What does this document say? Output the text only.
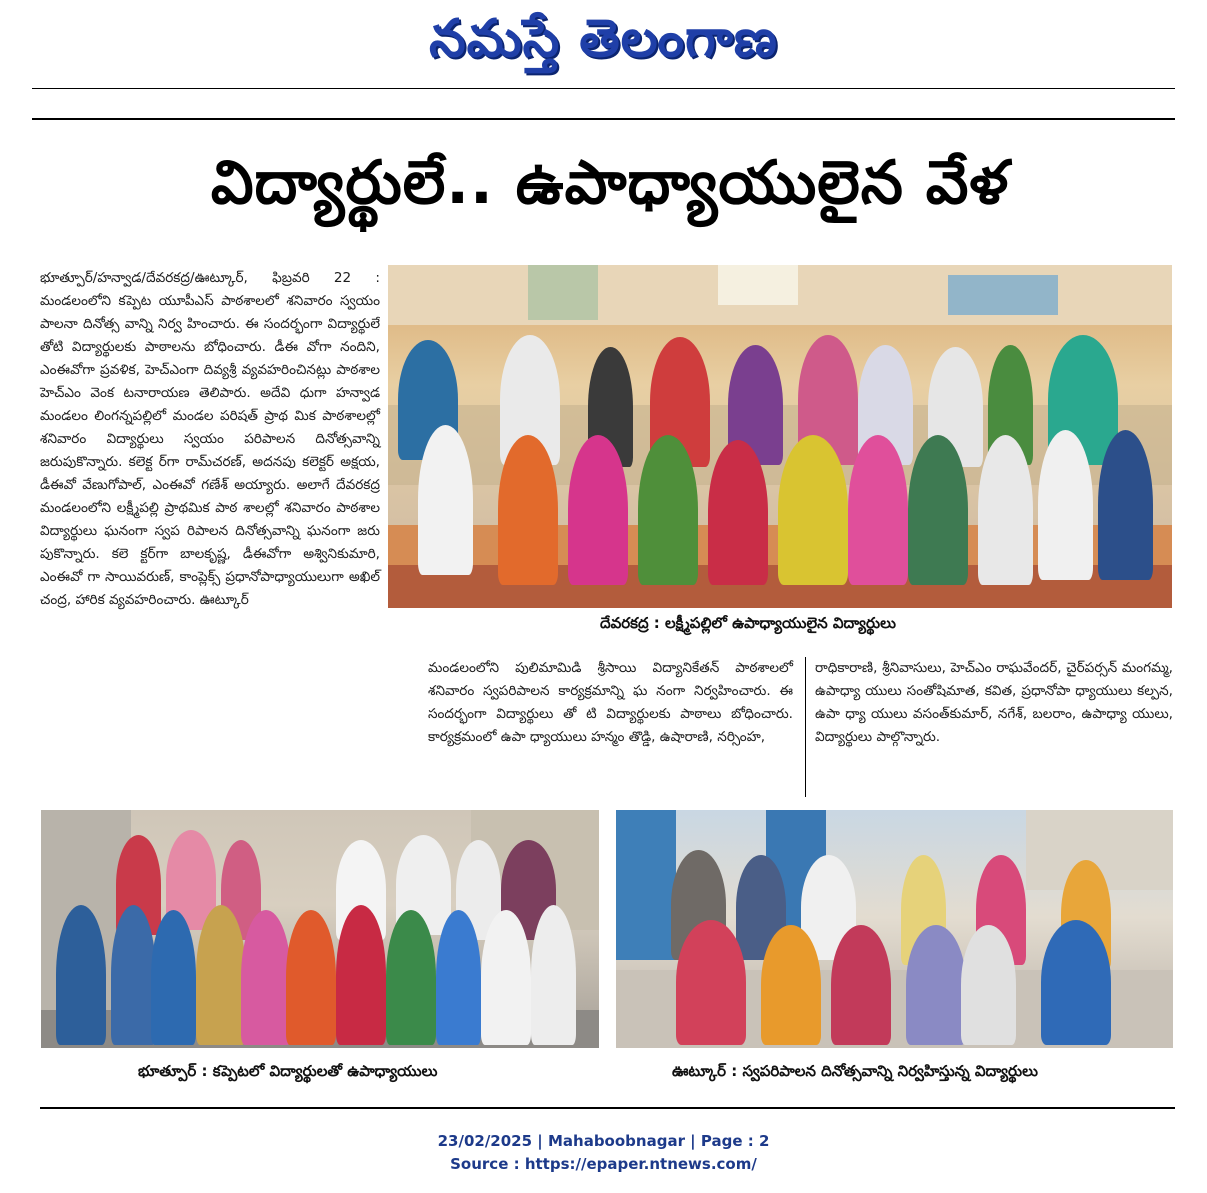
నమస్తే తెలంగాణ
విద్యార్థులే.. ఉపాధ్యాయులైన వేళ
భూత్పూర్/హన్వాడ/దేవరకద్ర/ఊట్కూర్, ఫిబ్రవరి 22 : మండలంలోని కప్పెట యూపీఎస్ పాఠశాలలో శనివారం స్వయం పాలనా దినోత్స వాన్ని నిర్వ హించారు. ఈ సందర్భంగా విద్యార్థులే తోటి విద్యార్థులకు పాఠాలను బోధించారు. డీఈ వోగా నందిని, ఎంఈవోగా ప్రవళిక, హెచ్‌ఎంగా దివ్యశ్రీ వ్యవహరించినట్లు పాఠశాల హెచ్‌ఎం వెంక టనారాయణ తెలిపారు. అదేవి ధుగా హన్వాడ మండలం లింగన్నపల్లిలో మండల పరిషత్ ప్రాథ మిక పాఠశాలల్లో శనివారం విద్యార్థులు స్వయం పరిపాలన దినోత్సవాన్ని జరుపుకొన్నారు. కలెక్ట ర్‌గా రామ్‌చరణ్, అదనపు కలెక్టర్ అక్షయ, డీఈవో వేణుగోపాల్, ఎంఈవో గణేశ్ అయ్యారు. అలాగే దేవరకద్ర మండలంలోని లక్ష్మీపల్లి ప్రాథమిక పాఠ శాలల్లో శనివారం పాఠశాల విద్యార్థులు ఘనంగా స్వప రిపాలన దినోత్సవాన్ని ఘనంగా జరు పుకొన్నారు. కలె క్టర్‌గా బాలకృష్ణ, డీఈవోగా అశ్వినికుమారి, ఎంఈవో గా సాయివరుణ్, కాంప్లెక్స్ ప్రధానోపాధ్యాయులుగా అఖిల్ చంద్ర, హారిక వ్యవహరించారు. ఊట్కూర్
దేవరకద్ర : లక్ష్మీపల్లిలో ఉపాధ్యాయులైన విద్యార్థులు
మండలంలోని పులిమామిడి శ్రీసాయి విద్యానికేతన్ పాఠశాలలో శనివారం స్వపరిపాలన కార్యక్రమాన్ని ఘ నంగా నిర్వహించారు. ఈ సందర్భంగా విద్యార్థులు తో టి విద్యార్థులకు పాఠాలు బోధించారు. కార్యక్రమంలో ఉపా ధ్యాయులు హన్మం తొడ్డి, ఉషారాణి, నర్సింహ,
రాధికారాణి, శ్రీనివాసులు, హెచ్‌ఎం రాఘవేందర్, చైర్‌పర్సన్ మంగమ్మ, ఉపాధ్యా యులు సంతోషిమాత, కవిత, ప్రధానోపా ధ్యాయులు కల్పన, ఉపా ధ్యా యులు వసంత్‌కుమార్, నగేశ్, బలరాం, ఉపాధ్యా యులు, విద్యార్థులు పాల్గొన్నారు.
భూత్పూర్ : కప్పెటలో విద్యార్థులతో ఉపాధ్యాయులు	ఊట్కూర్ : స్వపరిపాలన దినోత్సవాన్ని నిర్వహిస్తున్న విద్యార్థులు
23/02/2025 | Mahaboobnagar | Page : 2
Source : https://epaper.ntnews.com/
